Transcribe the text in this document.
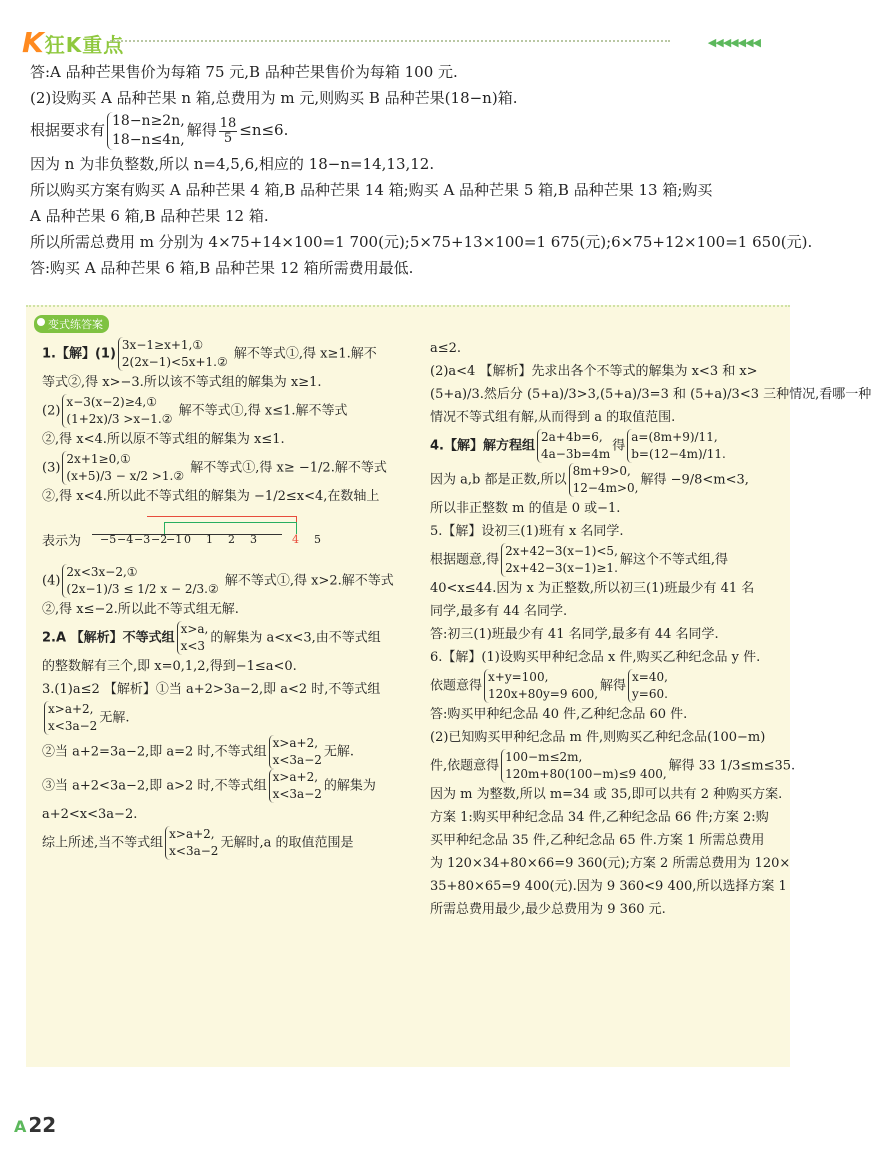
K狂K重点	◀◀◀◀◀◀◀

答:A 品种芒果售价为每箱 75 元,B 品种芒果售价为每箱 100 元.

(2)设购买 A 品种芒果 n 箱,总费用为 m 元,则购买 B 品种芒果(18−n)箱.

根据要求有 18−n≥2n,
18−n≤4n,解得 $\frac{18}{5} \le n\le 6$.

因为 n 为非负整数,所以 n=4,5,6,相应的 18−n=14,13,12.

所以购买方案有购买 A 品种芒果 4 箱,B 品种芒果 14 箱;购买 A 品种芒果 5 箱,B 品种芒果 13 箱;购买

A 品种芒果 6 箱,B 品种芒果 12 箱.

所以所需总费用 m 分别为 4×75+14×100=1 700(元);5×75+13×100=1 675(元);6×75+12×100=1 650(元).

答:购买 A 品种芒果 6 箱,B 品种芒果 12 箱所需费用最低.

变式练答案

1.【解】(1)3x−1≥x+1,①
2(2x−1)<5x+1.② 解不等式①,得 x≥1.解不

等式②,得 x>−3.所以该不等式组的解集为 x≥1.

(2)x−3(x−2)≥4,①
(1+2x)/3 >x−1.② 解不等式①,得 x≤1.解不等式

②,得 x<4.所以原不等式组的解集为 x≤1.

(3)2x+1≥0,①
(x+5)/3 − x/2 >1.② 解不等式①,得 x≥ −1/2.解不等式

②,得 x<4.所以此不等式组的解集为 −1/2≤x<4,在数轴上

表示为 −5 −4 −3 −2
−1 0 1 2 3	4 5

(4)2x<3x−2,①
(2x−1)/3 ≤ 1/2 x − 2/3.② 解不等式①,得 x>2.解不等式

②,得 x≤−2.所以此不等式组无解.

2.A 【解析】不等式组x>a,
x<3的解集为 a<x<3,由不等式组

的整数解有三个,即 x=0,1,2,得到−1≤a<0.

3.(1)a≤2 【解析】①当 a+2>3a−2,即 a<2 时,不等式组

x>a+2,
x<3a−2无解.

②当 a+2=3a−2,即 a=2 时,不等式组x>a+2,
x<3a−2无解.

③当 a+2<3a−2,即 a>2 时,不等式组x>a+2,
x<3a−2的解集为

a+2<x<3a−2.

综上所述,当不等式组x>a+2,
x<3a−2无解时,a 的取值范围是

a≤2.

(2)a<4 【解析】先求出各个不等式的解集为 x<3 和 x>

(5+a)/3.然后分 (5+a)/3>3,(5+a)/3=3 和 (5+a)/3<3 三种情况,看哪一种

情况不等式组有解,从而得到 a 的取值范围.

4.【解】解方程组2a+4b=6,
4a−3b=4m得a=(8m+9)/11,
b=(12−4m)/11.

因为 a,b 都是正数,所以8m+9>0,
12−4m>0,解得 −9/8<m<3,

所以非正整数 m 的值是 0 或−1.

5.【解】设初三(1)班有 x 名同学.

根据题意,得2x+42−3(x−1)<5,
2x+42−3(x−1)≥1.解这个不等式组,得

40<x≤44.因为 x 为正整数,所以初三(1)班最少有 41 名

同学,最多有 44 名同学.

答:初三(1)班最少有 41 名同学,最多有 44 名同学.

6.【解】(1)设购买甲种纪念品 x 件,购买乙种纪念品 y 件.

依题意得x+y=100,
120x+80y=9 600,解得x=40,
y=60.

答:购买甲种纪念品 40 件,乙种纪念品 60 件.

(2)已知购买甲种纪念品 m 件,则购买乙种纪念品(100−m)

件,依题意得100−m≤2m,
120m+80(100−m)≤9 400,解得 33 1/3≤m≤35.

因为 m 为整数,所以 m=34 或 35,即可以共有 2 种购买方案.

方案 1:购买甲种纪念品 34 件,乙种纪念品 66 件;方案 2:购

买甲种纪念品 35 件,乙种纪念品 65 件.方案 1 所需总费用

为 120×34+80×66=9 360(元);方案 2 所需总费用为 120×

35+80×65=9 400(元).因为 9 360<9 400,所以选择方案 1

所需总费用最少,最少总费用为 9 360 元.

A 22
